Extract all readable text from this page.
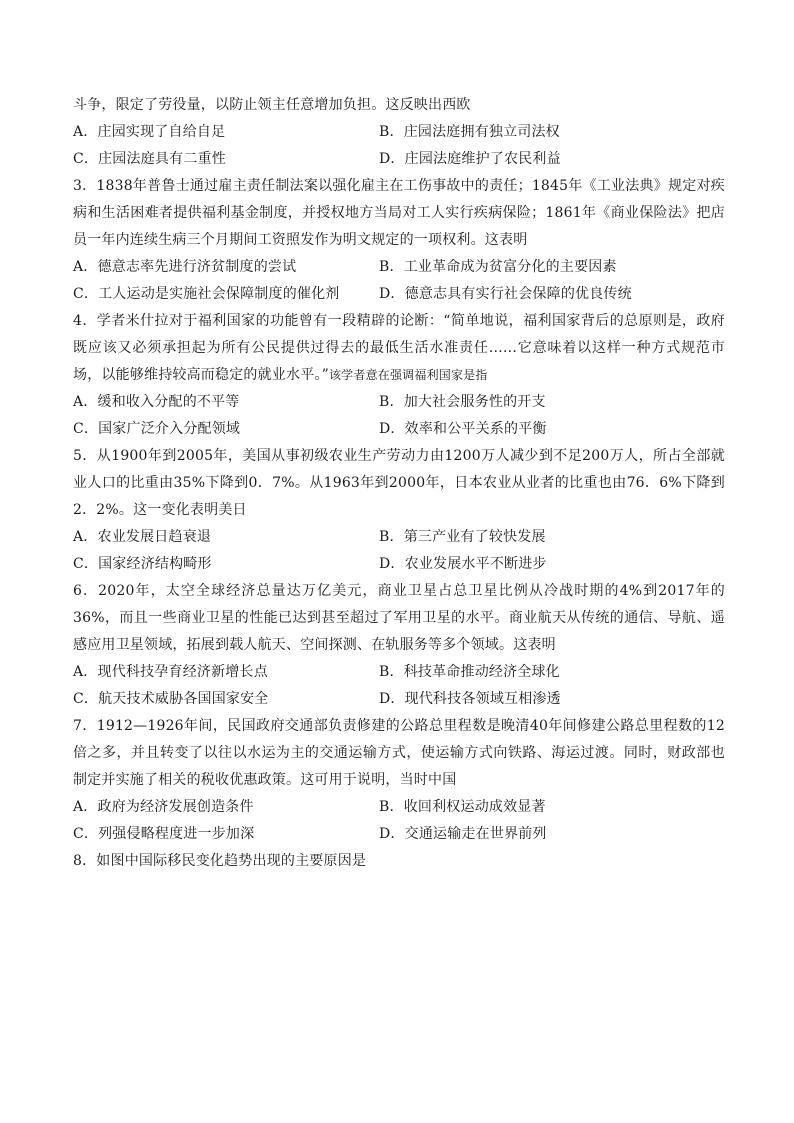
斗争，限定了劳役量，以防止领主任意增加负担。这反映出西欧
A．庄园实现了自给自足	B．庄园法庭拥有独立司法权
C．庄园法庭具有二重性	D．庄园法庭维护了农民利益
3．1838年普鲁士通过雇主责任制法案以强化雇主在工伤事故中的责任；1845年《工业法典》规定对疾病和生活困难者提供福利基金制度，并授权地方当局对工人实行疾病保险；1861年《商业保险法》把店员一年内连续生病三个月期间工资照发作为明文规定的一项权利。这表明
A．德意志率先进行济贫制度的尝试	B．工业革命成为贫富分化的主要因素
C．工人运动是实施社会保障制度的催化剂	D．德意志具有实行社会保障的优良传统
4．学者米什拉对于福利国家的功能曾有一段精辟的论断：“简单地说，福利国家背后的总原则是，政府既应该又必须承担起为所有公民提供过得去的最低生活水准责任……它意味着以这样一种方式规范市场，以能够维持较高而稳定的就业水平。”该学者意在强调福利国家是指
A．缓和收入分配的不平等	B．加大社会服务性的开支
C．国家广泛介入分配领域	D．效率和公平关系的平衡
5．从1900年到2005年，美国从事初级农业生产劳动力由1200万人减少到不足200万人，所占全部就业人口的比重由35%下降到0．7%。从1963年到2000年，日本农业从业者的比重也由76．6%下降到2．2%。这一变化表明美日
A．农业发展日趋衰退	B．第三产业有了较快发展
C．国家经济结构畸形	D．农业发展水平不断进步
6．2020年，太空全球经济总量达万亿美元，商业卫星占总卫星比例从冷战时期的4%到2017年的36%，而且一些商业卫星的性能已达到甚至超过了军用卫星的水平。商业航天从传统的通信、导航、遥感应用卫星领域，拓展到载人航天、空间探测、在轨服务等多个领域。这表明
A．现代科技孕育经济新增长点	B．科技革命推动经济全球化
C．航天技术威胁各国国家安全	D．现代科技各领域互相渗透
7．1912—1926年间，民国政府交通部负责修建的公路总里程数是晚清40年间修建公路总里程数的12倍之多，并且转变了以往以水运为主的交通运输方式，使运输方式向铁路、海运过渡。同时，财政部也制定并实施了相关的税收优惠政策。这可用于说明，当时中国
A．政府为经济发展创造条件	B．收回利权运动成效显著
C．列强侵略程度进一步加深	D．交通运输走在世界前列
8．如图中国际移民变化趋势出现的主要原因是
